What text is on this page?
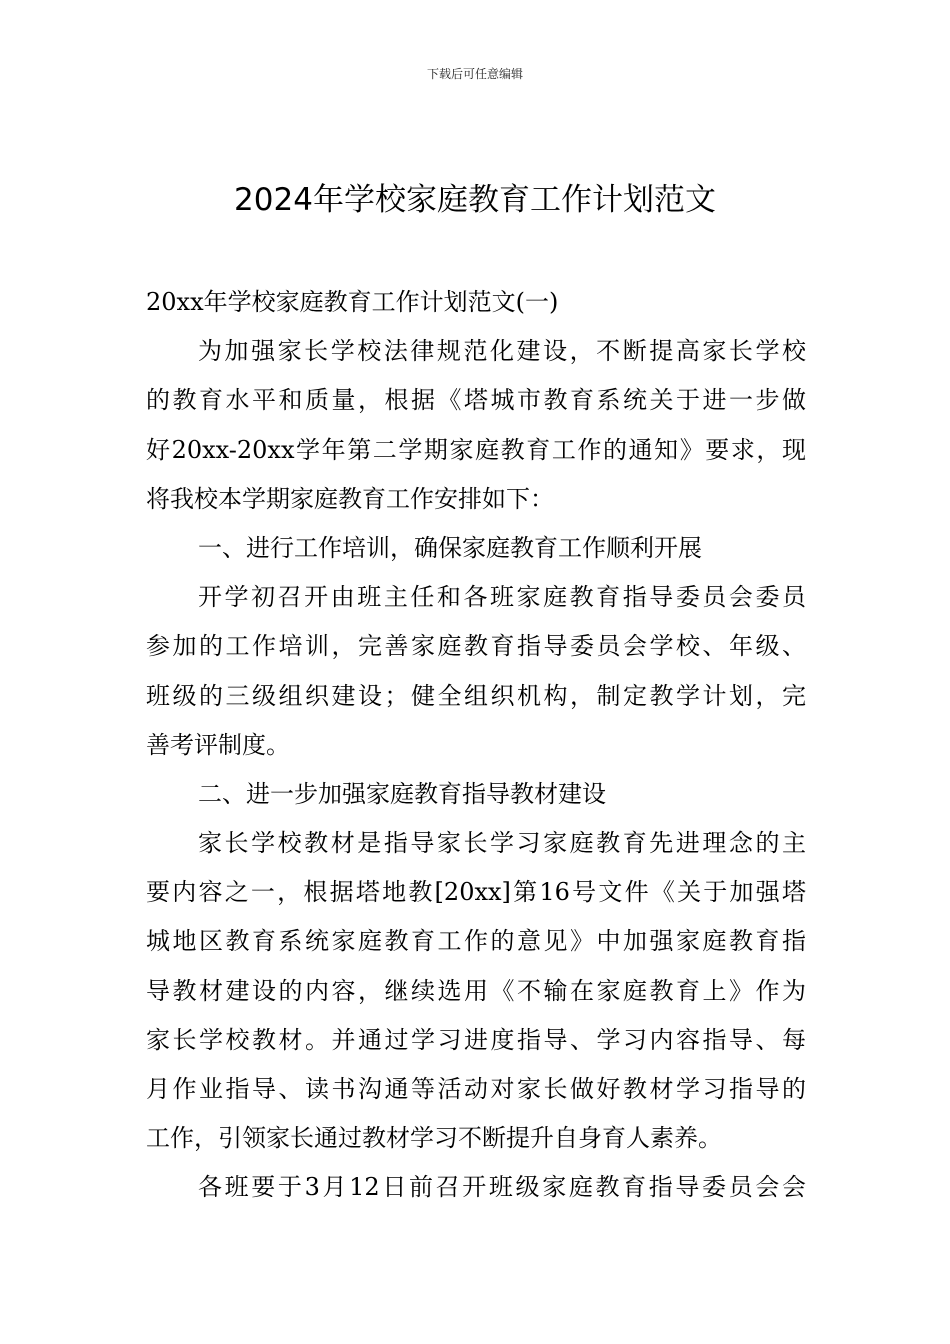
下载后可任意编辑
2024年学校家庭教育工作计划范文
20xx年学校家庭教育工作计划范文(一)
为加强家长学校法律规范化建设，不断提高家长学校
的教育水平和质量，根据《塔城市教育系统关于进一步做
好20xx-20xx学年第二学期家庭教育工作的通知》要求，现
将我校本学期家庭教育工作安排如下：
一、进行工作培训，确保家庭教育工作顺利开展
开学初召开由班主任和各班家庭教育指导委员会委员
参加的工作培训，完善家庭教育指导委员会学校、年级、
班级的三级组织建设；健全组织机构，制定教学计划，完
善考评制度。
二、进一步加强家庭教育指导教材建设
家长学校教材是指导家长学习家庭教育先进理念的主
要内容之一，根据塔地教[20xx]第16号文件《关于加强塔
城地区教育系统家庭教育工作的意见》中加强家庭教育指
导教材建设的内容，继续选用《不输在家庭教育上》作为
家长学校教材。并通过学习进度指导、学习内容指导、每
月作业指导、读书沟通等活动对家长做好教材学习指导的
工作，引领家长通过教材学习不断提升自身育人素养。
各班要于3月12日前召开班级家庭教育指导委员会会
